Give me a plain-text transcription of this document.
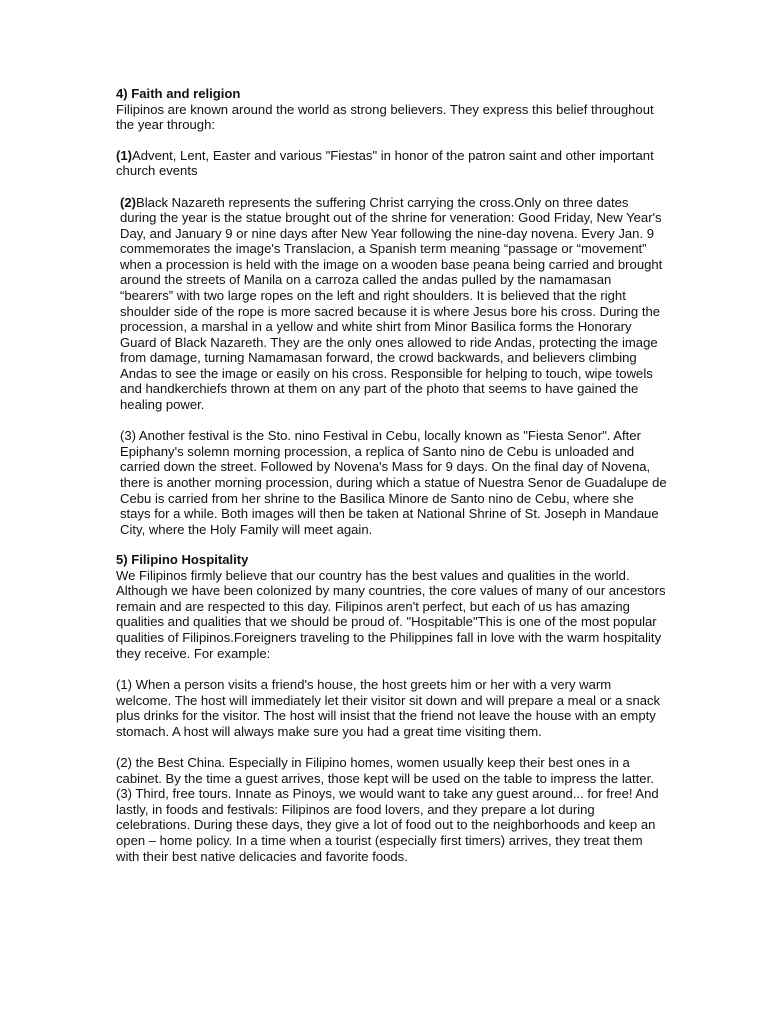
4) Faith and religion

Filipinos are known around the world as strong believers. They express this belief throughout the year through:

(1)Advent, Lent, Easter and various "Fiestas" in honor of the patron saint and other important church events

(2)Black Nazareth represents the suffering Christ carrying the cross.Only on three dates during the year is the statue brought out of the shrine for veneration: Good Friday, New Year's Day, and January 9 or nine days after New Year following the nine-day novena. Every Jan. 9 commemorates the image's Translacion, a Spanish term meaning “passage or “movement” when a procession is held with the image on a wooden base peana being carried and brought around the streets of Manila on a carroza called the andas pulled by the namamasan “bearers” with two large ropes on the left and right shoulders. It is believed that the right shoulder side of the rope is more sacred because it is where Jesus bore his cross. During the procession, a marshal in a yellow and white shirt from Minor Basilica forms the Honorary Guard of Black Nazareth. They are the only ones allowed to ride Andas, protecting the image from damage, turning Namamasan forward, the crowd backwards, and believers climbing Andas to see the image or easily on his cross. Responsible for helping to touch, wipe towels and handkerchiefs thrown at them on any part of the photo that seems to have gained the healing power.

(3) Another festival is the Sto. nino Festival in Cebu, locally known as "Fiesta Senor". After Epiphany's solemn morning procession, a replica of Santo nino de Cebu is unloaded and carried down the street. Followed by Novena's Mass for 9 days. On the final day of Novena, there is another morning procession, during which a statue of Nuestra Senor de Guadalupe de Cebu is carried from her shrine to the Basilica Minore de Santo nino de Cebu, where she stays for a while. Both images will then be taken at National Shrine of St. Joseph in Mandaue City, where the Holy Family will meet again.

5) Filipino Hospitality

We Filipinos firmly believe that our country has the best values and qualities in the world. Although we have been colonized by many countries, the core values of many of our ancestors remain and are respected to this day. Filipinos aren't perfect, but each of us has amazing qualities and qualities that we should be proud of. "Hospitable"This is one of the most popular qualities of Filipinos.Foreigners traveling to the Philippines fall in love with the warm hospitality they receive. For example:

(1) When a person visits a friend's house, the host greets him or her with a very warm welcome. The host will immediately let their visitor sit down and will prepare a meal or a snack plus drinks for the visitor. The host will insist that the friend not leave the house with an empty stomach. A host will always make sure you had a great time visiting them.

(2) the Best China. Especially in Filipino homes, women usually keep their best ones in a cabinet. By the time a guest arrives, those kept will be used on the table to impress the latter.

(3) Third, free tours. Innate as Pinoys, we would want to take any guest around... for free! And lastly, in foods and festivals: Filipinos are food lovers, and they prepare a lot during celebrations. During these days, they give a lot of food out to the neighborhoods and keep an open – home policy. In a time when a tourist (especially first timers) arrives, they treat them with their best native delicacies and favorite foods.
